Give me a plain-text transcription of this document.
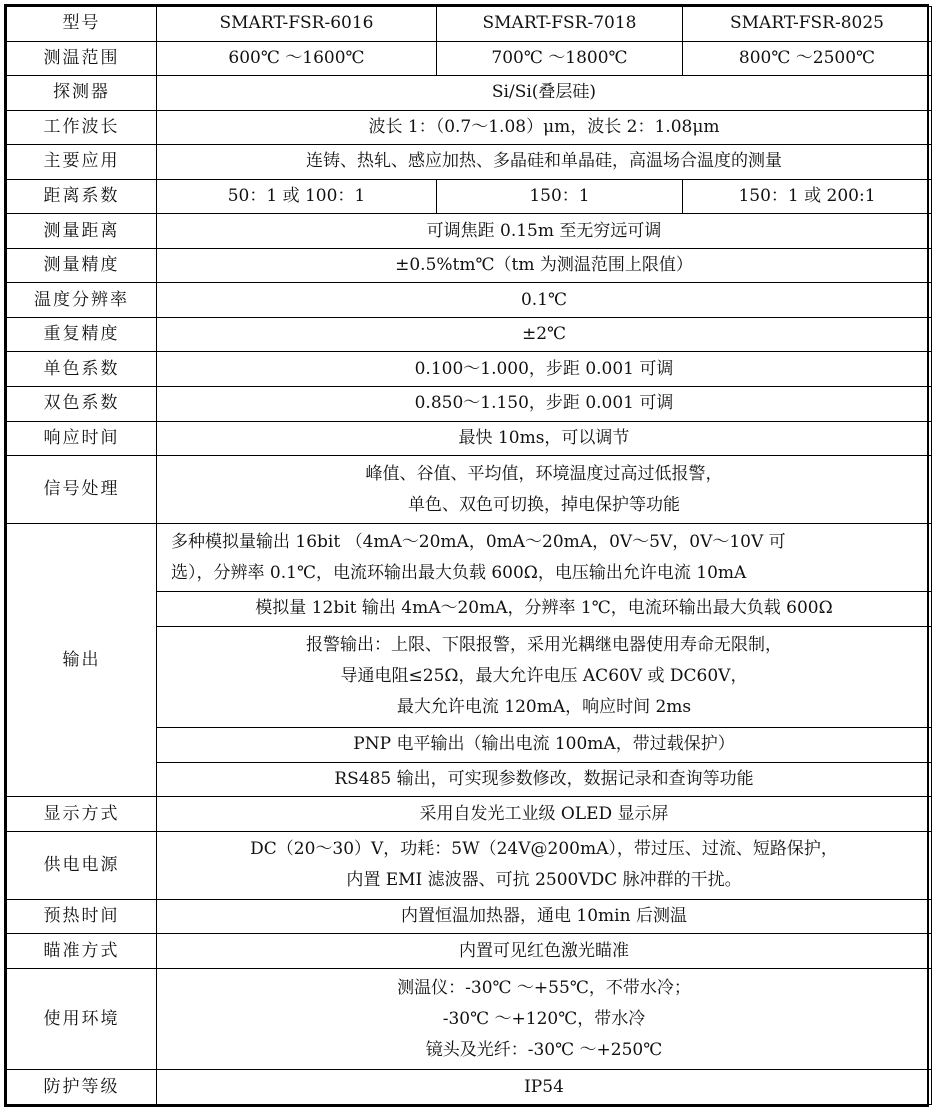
型号	SMART-FSR-6016	SMART-FSR-7018	SMART-FSR-8025
测温范围	600℃ ～1600℃	700℃ ～1800℃	800℃ ～2500℃
探测器	Si/Si(叠层硅)		
工作波长	波长 1：（0.7～1.08）μm，波长 2：1.08μm		
主要应用	连铸、热轧、感应加热、多晶硅和单晶硅，高温场合温度的测量		
距离系数	50：1 或 100：1	150：1	150：1 或 200:1
测量距离	可调焦距 0.15m 至无穷远可调		
测量精度	±0.5%tm℃（tm 为测温范围上限值）		
温度分辨率	0.1℃		
重复精度	±2℃		
单色系数	0.100～1.000，步距 0.001 可调		
双色系数	0.850～1.150，步距 0.001 可调		
响应时间	最快 10ms，可以调节		
信号处理	峰值、谷值、平均值，环境温度过高过低报警，
单色、双色可切换，掉电保护等功能		

输出	多种模拟量输出 16bit （4mA～20mA，0mA～20mA，0V～5V，0V～10V 可
选），分辨率 0.1℃，电流环输出最大负载 600Ω，电压输出允许电流 10mA		

	模拟量 12bit 输出 4mA～20mA，分辨率 1℃，电流环输出最大负载 600Ω		

	报警输出：上限、下限报警，采用光耦继电器使用寿命无限制，
导通电阻≤25Ω，最大允许电压 AC60V 或 DC60V，
最大允许电流 120mA，响应时间 2ms		

	PNP 电平输出（输出电流 100mA，带过载保护）		
	RS485 输出，可实现参数修改，数据记录和查询等功能		
显示方式	采用自发光工业级 OLED 显示屏		
供电电源	DC（20～30）V，功耗：5W（24V@200mA），带过压、过流、短路保护，
内置 EMI 滤波器、可抗 2500VDC 脉冲群的干扰。		

预热时间	内置恒温加热器，通电 10min 后测温		
瞄准方式	内置可见红色激光瞄准		
使用环境	测温仪：-30℃ ～+55℃，不带水冷；
-30℃ ～+120℃，带水冷
镜头及光纤：-30℃ ～+250℃		

防护等级	IP54		
